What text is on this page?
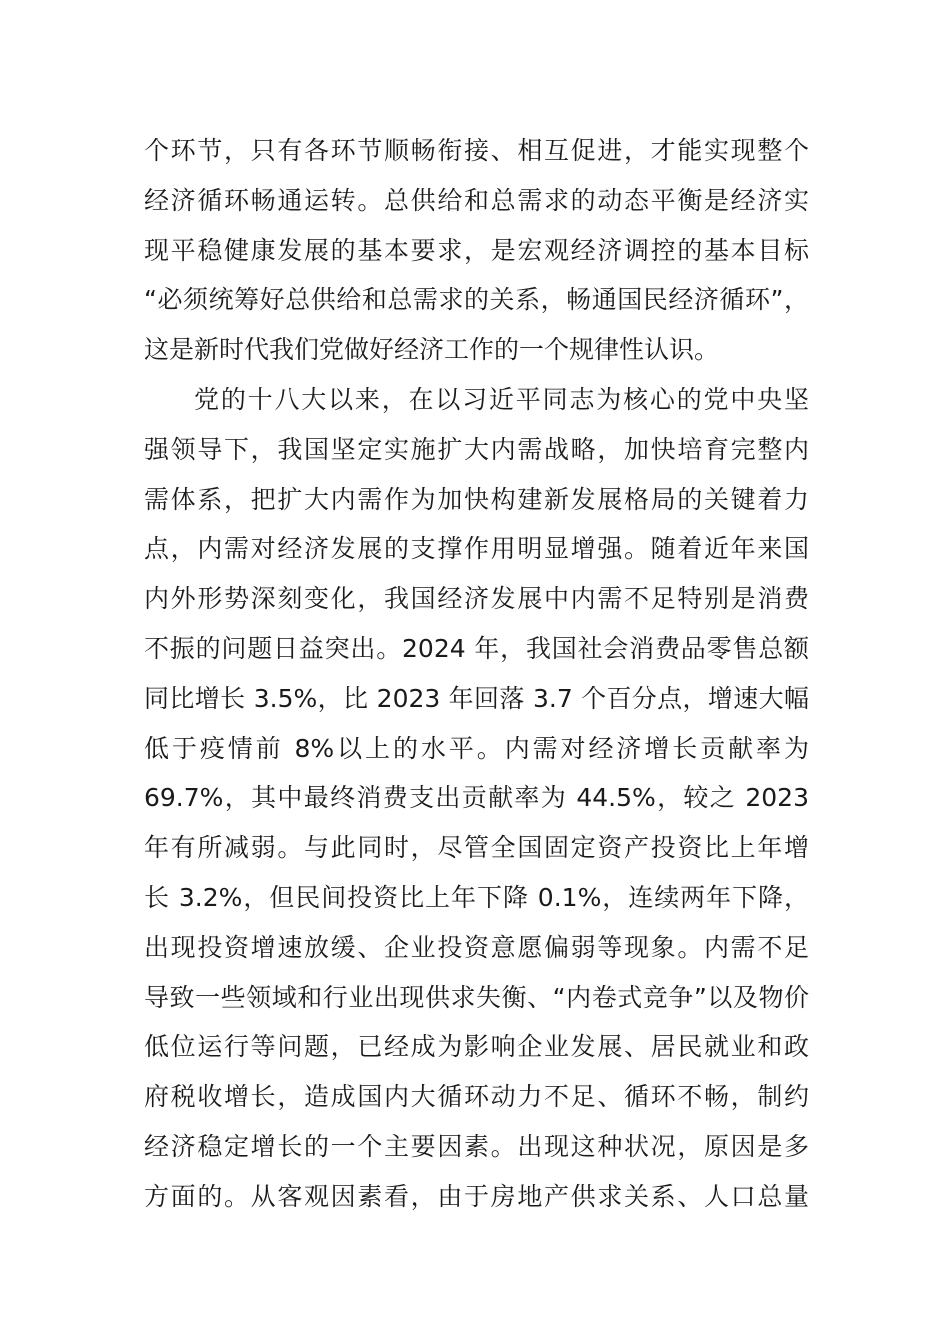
个环节，只有各环节顺畅衔接、相互促进，才能实现整个
经济循环畅通运转。总供给和总需求的动态平衡是经济实
现平稳健康发展的基本要求，是宏观经济调控的基本目标
“必须统筹好总供给和总需求的关系，畅通国民经济循环”，
这是新时代我们党做好经济工作的一个规律性认识。
党的十八大以来，在以习近平同志为核心的党中央坚
强领导下，我国坚定实施扩大内需战略，加快培育完整内
需体系，把扩大内需作为加快构建新发展格局的关键着力
点，内需对经济发展的支撑作用明显增强。随着近年来国
内外形势深刻变化，我国经济发展中内需不足特别是消费
不振的问题日益突出。2024 年，我国社会消费品零售总额
同比增长 3.5%，比 2023 年回落 3.7 个百分点，增速大幅
低于疫情前 8%以上的水平。内需对经济增长贡献率为
69.7%，其中最终消费支出贡献率为 44.5%，较之 2023
年有所减弱。与此同时，尽管全国固定资产投资比上年增
长 3.2%，但民间投资比上年下降 0.1%，连续两年下降，
出现投资增速放缓、企业投资意愿偏弱等现象。内需不足
导致一些领域和行业出现供求失衡、“内卷式竞争”以及物价
低位运行等问题，已经成为影响企业发展、居民就业和政
府税收增长，造成国内大循环动力不足、循环不畅，制约
经济稳定增长的一个主要因素。出现这种状况，原因是多
方面的。从客观因素看，由于房地产供求关系、人口总量
